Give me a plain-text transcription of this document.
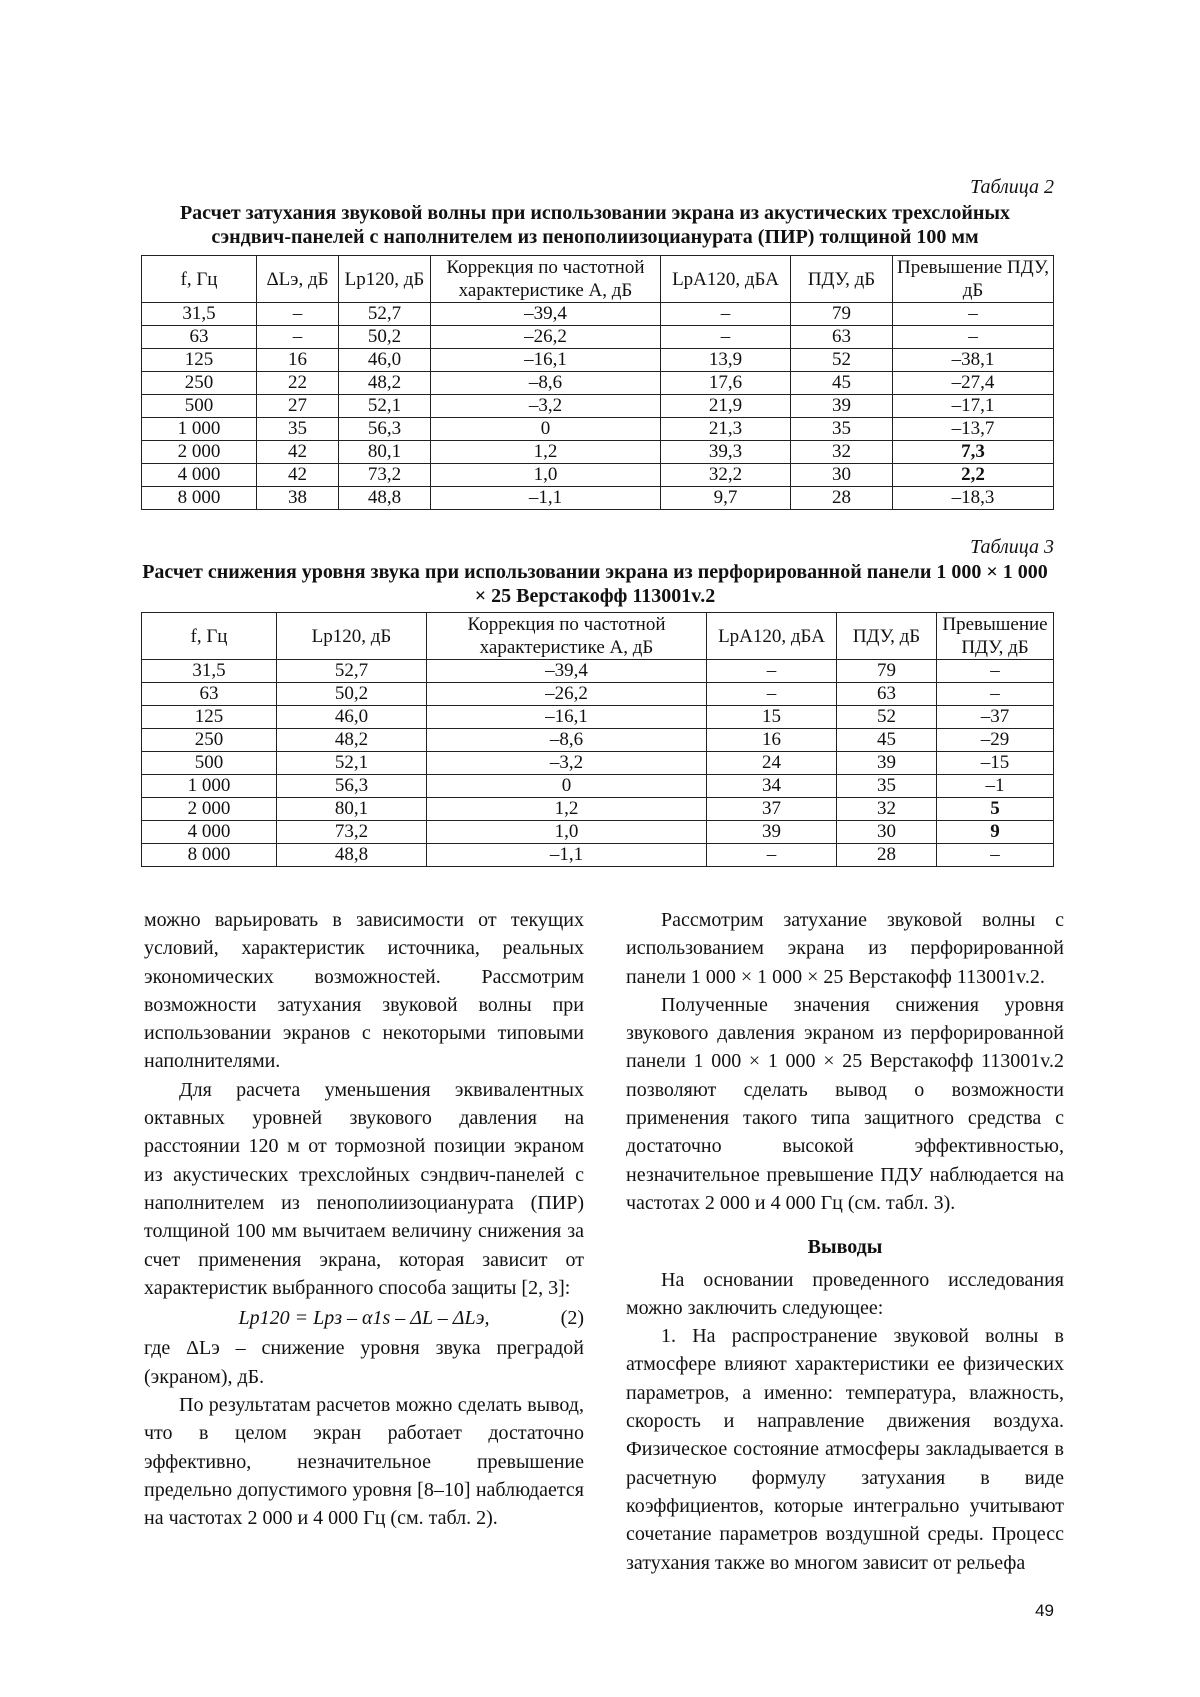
Таблица 2
Расчет затухания звуковой волны при использовании экрана из акустических трехслойных сэндвич-панелей с наполнителем из пенополиизоцианурата (ПИР) толщиной 100 мм
f, Гц	ΔLэ, дБ	Lp120, дБ	Коррекция по частотной характеристике A, дБ	LpA120, дБА	ПДУ, дБ	Превышение ПДУ, дБ
31,5	–	52,7	–39,4	–	79	–
63	–	50,2	–26,2	–	63	–
125	16	46,0	–16,1	13,9	52	–38,1
250	22	48,2	–8,6	17,6	45	–27,4
500	27	52,1	–3,2	21,9	39	–17,1
1 000	35	56,3	0	21,3	35	–13,7
2 000	42	80,1	1,2	39,3	32	7,3
4 000	42	73,2	1,0	32,2	30	2,2
8 000	38	48,8	–1,1	9,7	28	–18,3
Таблица 3
Расчет снижения уровня звука при использовании экрана из перфорированной панели 1 000 × 1 000 × 25 Верстакофф 113001v.2
f, Гц	Lp120, дБ	Коррекция по частотной характеристике A, дБ	LpA120, дБА	ПДУ, дБ	Превышение ПДУ, дБ
31,5	52,7	–39,4	–	79	–
63	50,2	–26,2	–	63	–
125	46,0	–16,1	15	52	–37
250	48,2	–8,6	16	45	–29
500	52,1	–3,2	24	39	–15
1 000	56,3	0	34	35	–1
2 000	80,1	1,2	37	32	5
4 000	73,2	1,0	39	30	9
8 000	48,8	–1,1	–	28	–

можно варьировать в зависимости от текущих условий, характеристик источника, реальных экономических возможностей. Рассмотрим возможности затухания звуковой волны при использовании экранов с некоторыми типовыми наполнителями.

Для расчета уменьшения эквивалентных октавных уровней звукового давления на расстоянии 120 м от тормозной позиции экраном из акустических трехслойных сэндвич-панелей с наполнителем из пенополиизоцианурата (ПИР) толщиной 100 мм вычитаем величину снижения за счет применения экрана, которая зависит от характеристик выбранного способа защиты [2, 3]:

Lp120 = Lpз – α1s – ΔL – ΔLэ,	(2)

где ΔLэ – снижение уровня звука преградой (экраном), дБ.

По результатам расчетов можно сделать вывод, что в целом экран работает достаточно эффективно, незначительное превышение предельно допустимого уровня [8–10] наблюдается на частотах 2 000 и 4 000 Гц (см. табл. 2).

Рассмотрим затухание звуковой волны с использованием экрана из перфорированной панели 1 000 × 1 000 × 25 Верстакофф 113001v.2.

Полученные значения снижения уровня звукового давления экраном из перфорированной панели 1 000 × 1 000 × 25 Верстакофф 113001v.2 позволяют сделать вывод о возможности применения такого типа защитного средства с достаточно высокой эффективностью, незначительное превышение ПДУ наблюдается на частотах 2 000 и 4 000 Гц (см. табл. 3).

Выводы

На основании проведенного исследования можно заключить следующее:

1. На распространение звуковой волны в атмосфере влияют характеристики ее физических параметров, а именно: температура, влажность, скорость и направление движения воздуха. Физическое состояние атмосферы закладывается в расчетную формулу затухания в виде коэффициентов, которые интегрально учитывают сочетание параметров воздушной среды. Процесс затухания также во многом зависит от рельефа

49
